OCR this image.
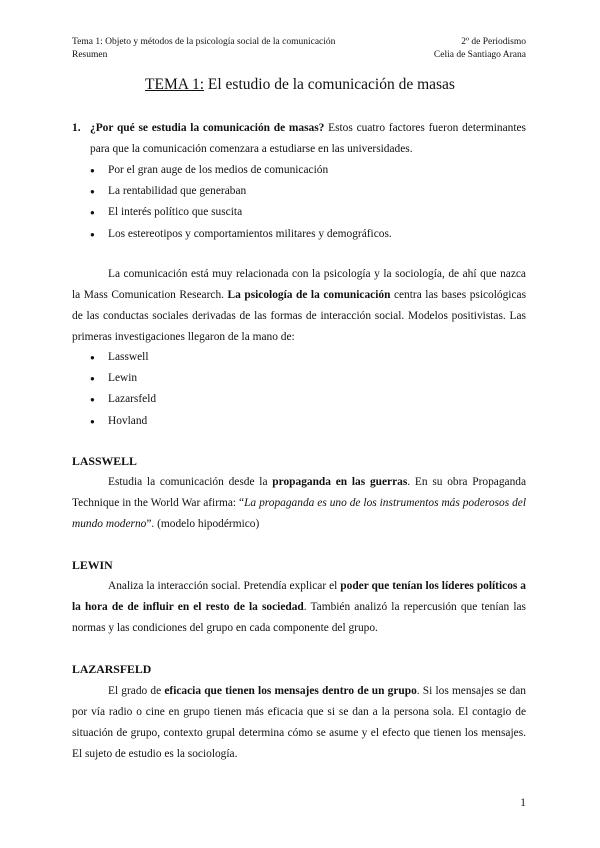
Tema 1: Objeto y métodos de la psicología social de la comunicación
Resumen
2º de Periodismo
Celia de Santiago Arana
TEMA 1: El estudio de la comunicación de masas
1. ¿Por qué se estudia la comunicación de masas? Estos cuatro factores fueron determinantes para que la comunicación comenzara a estudiarse en las universidades.
● Por el gran auge de los medios de comunicación
● La rentabilidad que generaban
● El interés político que suscita
● Los estereotipos y comportamientos militares y demográficos.
La comunicación está muy relacionada con la psicología y la sociología, de ahí que nazca la Mass Comunication Research. La psicología de la comunicación centra las bases psicológicas de las conductas sociales derivadas de las formas de interacción social. Modelos positivistas. Las primeras investigaciones llegaron de la mano de:
● Lasswell
● Lewin
● Lazarsfeld
● Hovland
LASSWELL
Estudia la comunicación desde la propaganda en las guerras. En su obra Propaganda Technique in the World War afirma: “La propaganda es uno de los instrumentos más poderosos del mundo moderno”. (modelo hipodérmico)
LEWIN
Analiza la interacción social. Pretendía explicar el poder que tenían los líderes políticos a la hora de de influir en el resto de la sociedad. También analizó la repercusión que tenían las normas y las condiciones del grupo en cada componente del grupo.
LAZARSFELD
El grado de eficacia que tienen los mensajes dentro de un grupo. Si los mensajes se dan por vía radio o cine en grupo tienen más eficacia que si se dan a la persona sola. El contagio de situación de grupo, contexto grupal determina cómo se asume y el efecto que tienen los mensajes. El sujeto de estudio es la sociología.
1
